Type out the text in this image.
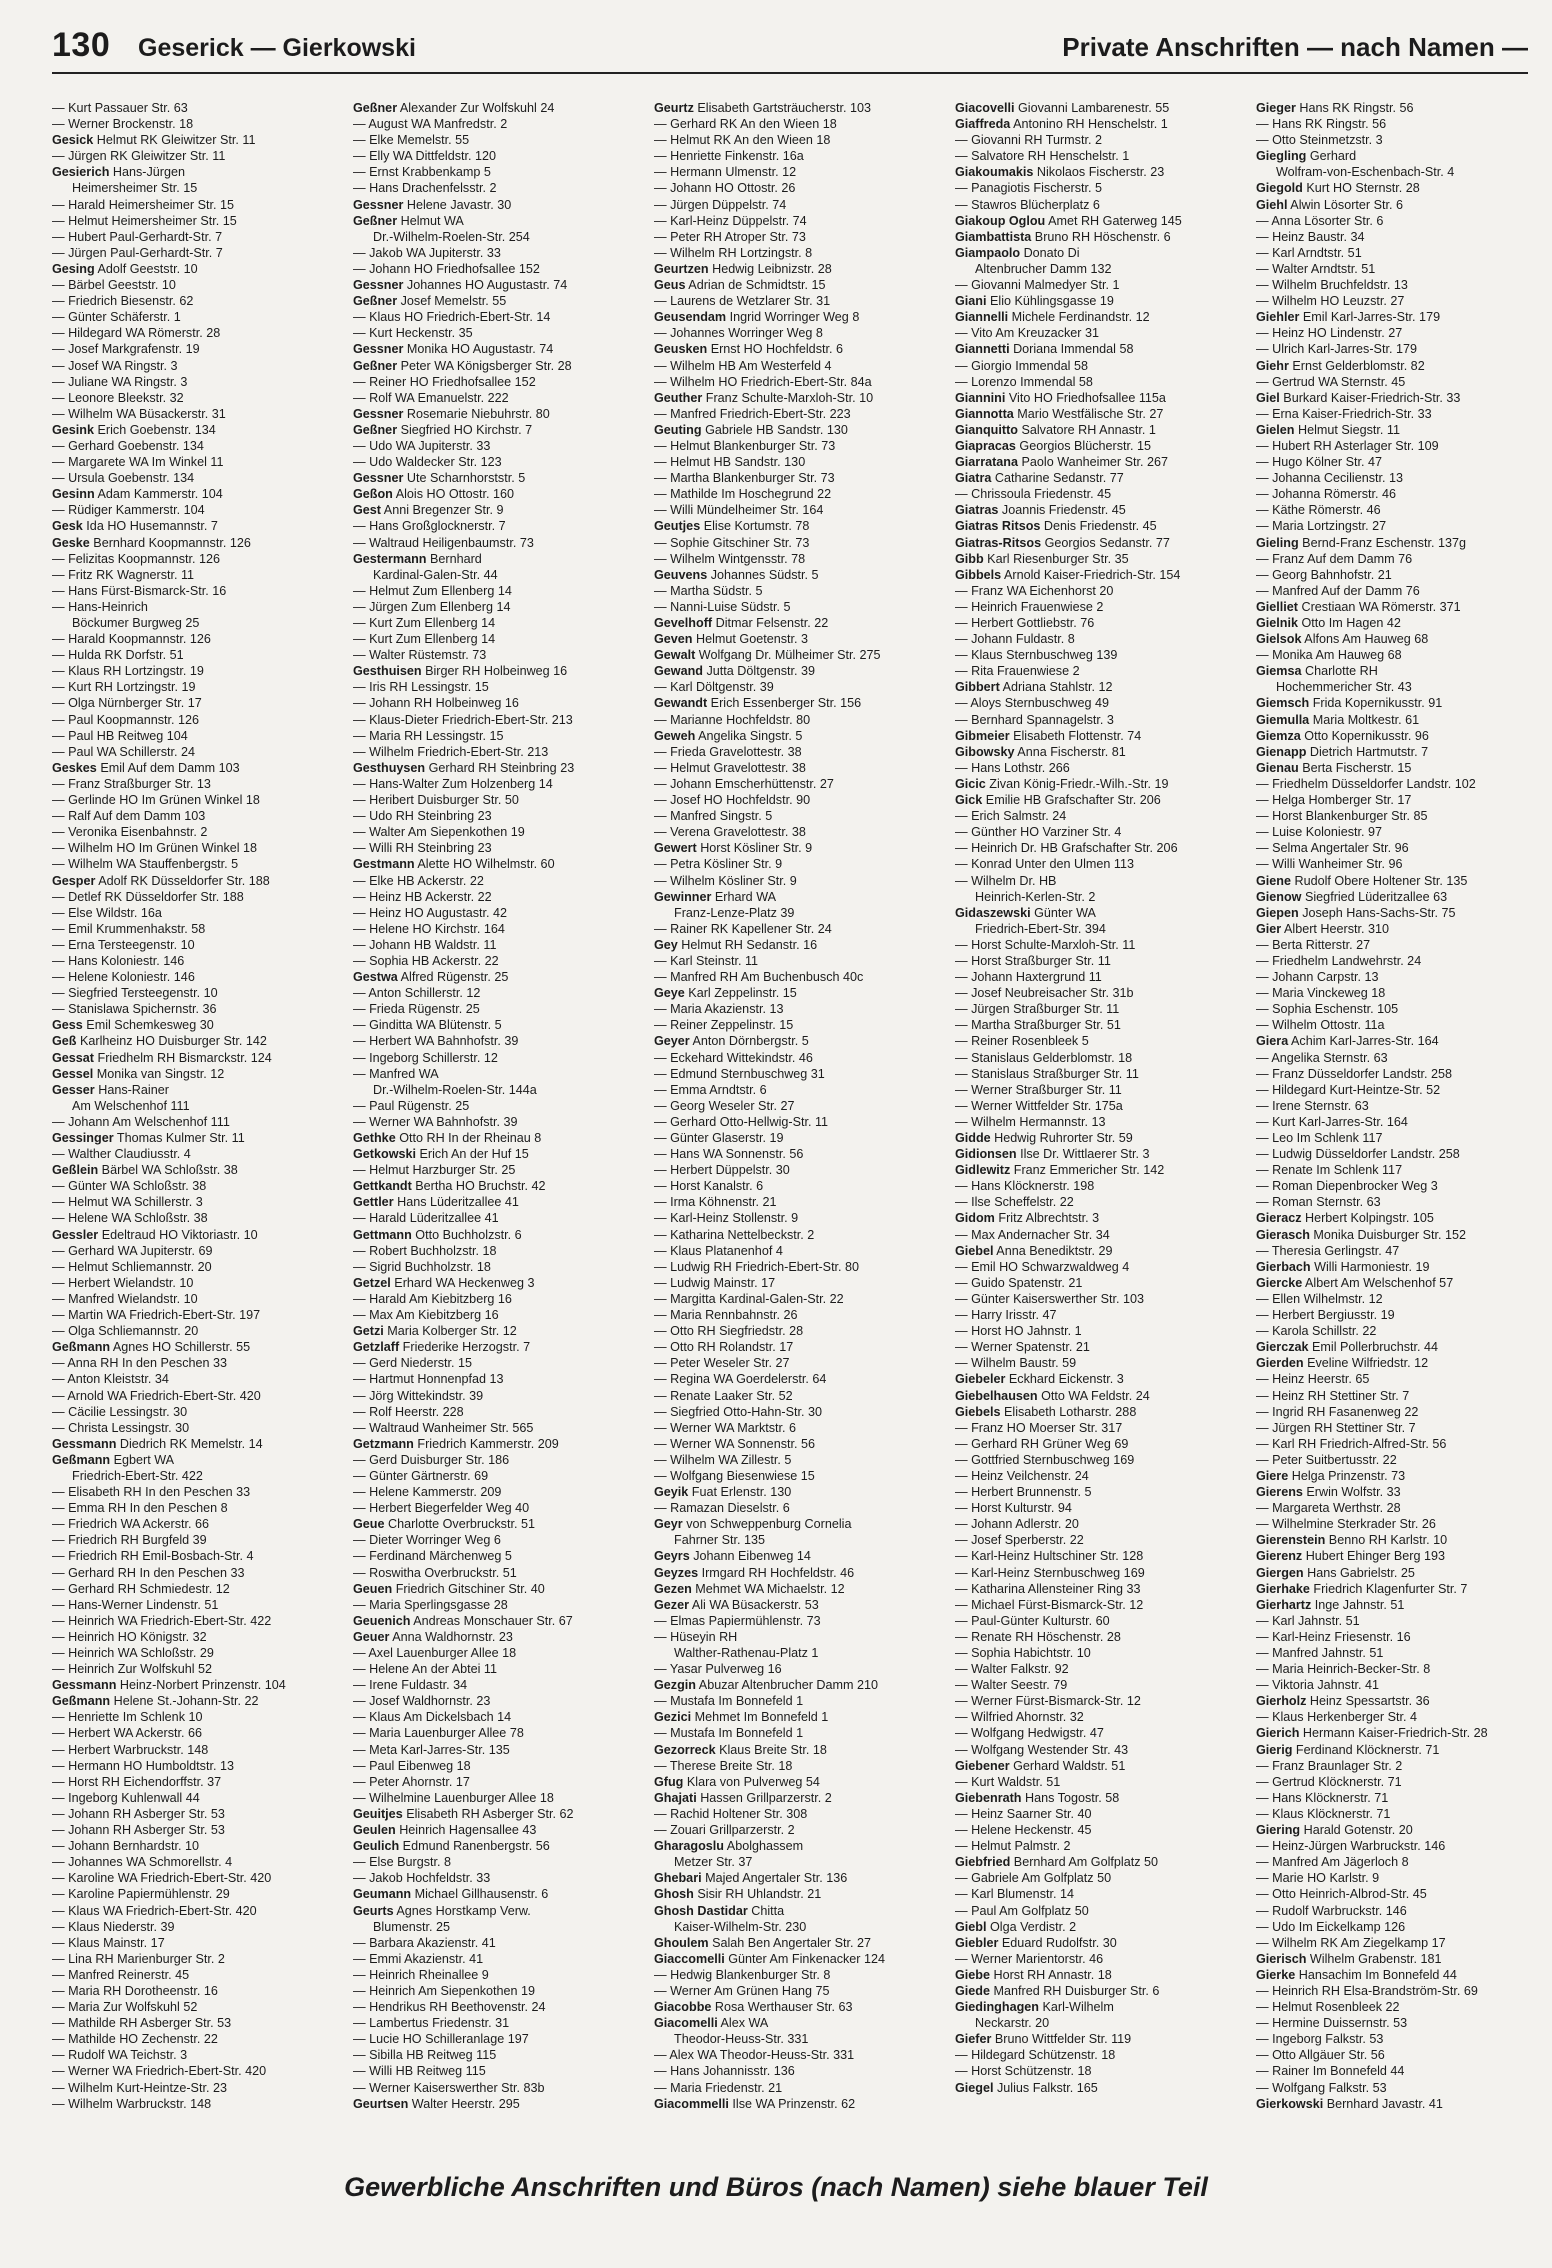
130 Geserick — Gierkowski	Private Anschriften — nach Namen —
— Kurt Passauer Str. 63
— Werner Brockenstr. 18
Gesick Helmut RK Gleiwitzer Str. 11
— Jürgen RK Gleiwitzer Str. 11
Gesierich Hans-Jürgen
Heimersheimer Str. 15
— Harald Heimersheimer Str. 15
— Helmut Heimersheimer Str. 15
— Hubert Paul-Gerhardt-Str. 7
— Jürgen Paul-Gerhardt-Str. 7
Gesing Adolf Geeststr. 10
— Bärbel Geeststr. 10
— Friedrich Biesenstr. 62
— Günter Schäferstr. 1
— Hildegard WA Römerstr. 28
— Josef Markgrafenstr. 19
— Josef WA Ringstr. 3
— Juliane WA Ringstr. 3
— Leonore Bleekstr. 32
— Wilhelm WA Büsackerstr. 31
Gesink Erich Goebenstr. 134
— Gerhard Goebenstr. 134
— Margarete WA Im Winkel 11
— Ursula Goebenstr. 134
Gesinn Adam Kammerstr. 104
— Rüdiger Kammerstr. 104
Gesk Ida HO Husemannstr. 7
Geske Bernhard Koopmannstr. 126
— Felizitas Koopmannstr. 126
— Fritz RK Wagnerstr. 11
— Hans Fürst-Bismarck-Str. 16
— Hans-Heinrich
Böckumer Burgweg 25
— Harald Koopmannstr. 126
— Hulda RK Dorfstr. 51
— Klaus RH Lortzingstr. 19
— Kurt RH Lortzingstr. 19
— Olga Nürnberger Str. 17
— Paul Koopmannstr. 126
— Paul HB Reitweg 104
— Paul WA Schillerstr. 24
Geskes Emil Auf dem Damm 103
— Franz Straßburger Str. 13
— Gerlinde HO Im Grünen Winkel 18
— Ralf Auf dem Damm 103
— Veronika Eisenbahnstr. 2
— Wilhelm HO Im Grünen Winkel 18
— Wilhelm WA Stauffenbergstr. 5
Gesper Adolf RK Düsseldorfer Str. 188
— Detlef RK Düsseldorfer Str. 188
— Else Wildstr. 16a
— Emil Krummenhakstr. 58
— Erna Tersteegenstr. 10
— Hans Koloniestr. 146
— Helene Koloniestr. 146
— Siegfried Tersteegenstr. 10
— Stanislawa Spichernstr. 36
Gess Emil Schemkesweg 30
Geß Karlheinz HO Duisburger Str. 142
Gessat Friedhelm RH Bismarckstr. 124
Gessel Monika van Singstr. 12
Gesser Hans-Rainer
Am Welschenhof 111
— Johann Am Welschenhof 111
Gessinger Thomas Kulmer Str. 11
— Walther Claudiusstr. 4
Geßlein Bärbel WA Schloßstr. 38
— Günter WA Schloßstr. 38
— Helmut WA Schillerstr. 3
— Helene WA Schloßstr. 38
Gessler Edeltraud HO Viktoriastr. 10
— Gerhard WA Jupiterstr. 69
— Helmut Schliemannstr. 20
— Herbert Wielandstr. 10
— Manfred Wielandstr. 10
— Martin WA Friedrich-Ebert-Str. 197
— Olga Schliemannstr. 20
Geßmann Agnes HO Schillerstr. 55
— Anna RH In den Peschen 33
— Anton Kleiststr. 34
— Arnold WA Friedrich-Ebert-Str. 420
— Cäcilie Lessingstr. 30
— Christa Lessingstr. 30
Gessmann Diedrich RK Memelstr. 14
Geßmann Egbert WA
Friedrich-Ebert-Str. 422
— Elisabeth RH In den Peschen 33
— Emma RH In den Peschen 8
— Friedrich WA Ackerstr. 66
— Friedrich RH Burgfeld 39
— Friedrich RH Emil-Bosbach-Str. 4
— Gerhard RH In den Peschen 33
— Gerhard RH Schmiedestr. 12
— Hans-Werner Lindenstr. 51
— Heinrich WA Friedrich-Ebert-Str. 422
— Heinrich HO Königstr. 32
— Heinrich WA Schloßstr. 29
— Heinrich Zur Wolfskuhl 52
Gessmann Heinz-Norbert Prinzenstr. 104
Geßmann Helene St.-Johann-Str. 22
— Henriette Im Schlenk 10
— Herbert WA Ackerstr. 66
— Herbert Warbruckstr. 148
— Hermann HO Humboldtstr. 13
— Horst RH Eichendorffstr. 37
— Ingeborg Kuhlenwall 44
— Johann RH Asberger Str. 53
— Johann RH Asberger Str. 53
— Johann Bernhardstr. 10
— Johannes WA Schmorellstr. 4
— Karoline WA Friedrich-Ebert-Str. 420
— Karoline Papiermühlenstr. 29
— Klaus WA Friedrich-Ebert-Str. 420
— Klaus Niederstr. 39
— Klaus Mainstr. 17
— Lina RH Marienburger Str. 2
— Manfred Reinerstr. 45
— Maria RH Dorotheenstr. 16
— Maria Zur Wolfskuhl 52
— Mathilde RH Asberger Str. 53
— Mathilde HO Zechenstr. 22
— Rudolf WA Teichstr. 3
— Werner WA Friedrich-Ebert-Str. 420
— Wilhelm Kurt-Heintze-Str. 23
— Wilhelm Warbruckstr. 148
Geßner Alexander Zur Wolfskuhl 24
— August WA Manfredstr. 2
— Elke Memelstr. 55
— Elly WA Dittfeldstr. 120
— Ernst Krabbenkamp 5
— Hans Drachenfelsstr. 2
Gessner Helene Javastr. 30
Geßner Helmut WA
Dr.-Wilhelm-Roelen-Str. 254
— Jakob WA Jupiterstr. 33
— Johann HO Friedhofsallee 152
Gessner Johannes HO Augustastr. 74
Geßner Josef Memelstr. 55
— Klaus HO Friedrich-Ebert-Str. 14
— Kurt Heckenstr. 35
Gessner Monika HO Augustastr. 74
Geßner Peter WA Königsberger Str. 28
— Reiner HO Friedhofsallee 152
— Rolf WA Emanuelstr. 222
Gessner Rosemarie Niebuhrstr. 80
Geßner Siegfried HO Kirchstr. 7
— Udo WA Jupiterstr. 33
— Udo Waldecker Str. 123
Gessner Ute Scharnhorststr. 5
Geßon Alois HO Ottostr. 160
Gest Anni Bregenzer Str. 9
— Hans Großglocknerstr. 7
— Waltraud Heiligenbaumstr. 73
Gestermann Bernhard
Kardinal-Galen-Str. 44
— Helmut Zum Ellenberg 14
— Jürgen Zum Ellenberg 14
— Kurt Zum Ellenberg 14
— Kurt Zum Ellenberg 14
— Walter Rüstemstr. 73
Gesthuisen Birger RH Holbeinweg 16
— Iris RH Lessingstr. 15
— Johann RH Holbeinweg 16
— Klaus-Dieter Friedrich-Ebert-Str. 213
— Maria RH Lessingstr. 15
— Wilhelm Friedrich-Ebert-Str. 213
Gesthuysen Gerhard RH Steinbring 23
— Hans-Walter Zum Holzenberg 14
— Heribert Duisburger Str. 50
— Udo RH Steinbring 23
— Walter Am Siepenkothen 19
— Willi RH Steinbring 23
Gestmann Alette HO Wilhelmstr. 60
— Elke HB Ackerstr. 22
— Heinz HB Ackerstr. 22
— Heinz HO Augustastr. 42
— Helene HO Kirchstr. 164
— Johann HB Waldstr. 11
— Sophia HB Ackerstr. 22
Gestwa Alfred Rügenstr. 25
— Anton Schillerstr. 12
— Frieda Rügenstr. 25
— Ginditta WA Blütenstr. 5
— Herbert WA Bahnhofstr. 39
— Ingeborg Schillerstr. 12
— Manfred WA
Dr.-Wilhelm-Roelen-Str. 144a
— Paul Rügenstr. 25
— Werner WA Bahnhofstr. 39
Gethke Otto RH In der Rheinau 8
Getkowski Erich An der Huf 15
— Helmut Harzburger Str. 25
Gettkandt Bertha HO Bruchstr. 42
Gettler Hans Lüderitzallee 41
— Harald Lüderitzallee 41
Gettmann Otto Buchholzstr. 6
— Robert Buchholzstr. 18
— Sigrid Buchholzstr. 18
Getzel Erhard WA Heckenweg 3
— Harald Am Kiebitzberg 16
— Max Am Kiebitzberg 16
Getzi Maria Kolberger Str. 12
Getzlaff Friederike Herzogstr. 7
— Gerd Niederstr. 15
— Hartmut Honnenpfad 13
— Jörg Wittekindstr. 39
— Rolf Heerstr. 228
— Waltraud Wanheimer Str. 565
Getzmann Friedrich Kammerstr. 209
— Gerd Duisburger Str. 186
— Günter Gärtnerstr. 69
— Helene Kammerstr. 209
— Herbert Biegerfelder Weg 40
Geue Charlotte Overbruckstr. 51
— Dieter Worringer Weg 6
— Ferdinand Märchenweg 5
— Roswitha Overbruckstr. 51
Geuen Friedrich Gitschiner Str. 40
— Maria Sperlingsgasse 28
Geuenich Andreas Monschauer Str. 67
Geuer Anna Waldhornstr. 23
— Axel Lauenburger Allee 18
— Helene An der Abtei 11
— Irene Fuldastr. 34
— Josef Waldhornstr. 23
— Klaus Am Dickelsbach 14
— Maria Lauenburger Allee 78
— Meta Karl-Jarres-Str. 135
— Paul Eibenweg 18
— Peter Ahornstr. 17
— Wilhelmine Lauenburger Allee 18
Geuitjes Elisabeth RH Asberger Str. 62
Geulen Heinrich Hagensallee 43
Geulich Edmund Ranenbergstr. 56
— Else Burgstr. 8
— Jakob Hochfeldstr. 33
Geumann Michael Gillhausenstr. 6
Geurts Agnes Horstkamp Verw.
Blumenstr. 25
— Barbara Akazienstr. 41
— Emmi Akazienstr. 41
— Heinrich Rheinallee 9
— Heinrich Am Siepenkothen 19
— Hendrikus RH Beethovenstr. 24
— Lambertus Friedenstr. 31
— Lucie HO Schilleranlage 197
— Sibilla HB Reitweg 115
— Willi HB Reitweg 115
— Werner Kaiserswerther Str. 83b
Geurtsen Walter Heerstr. 295
Geurtz Elisabeth Gartsträucherstr. 103
— Gerhard RK An den Wieen 18
— Helmut RK An den Wieen 18
— Henriette Finkenstr. 16a
— Hermann Ulmenstr. 12
— Johann HO Ottostr. 26
— Jürgen Düppelstr. 74
— Karl-Heinz Düppelstr. 74
— Peter RH Atroper Str. 73
— Wilhelm RH Lortzingstr. 8
Geurtzen Hedwig Leibnizstr. 28
Geus Adrian de Schmidtstr. 15
— Laurens de Wetzlarer Str. 31
Geusendam Ingrid Worringer Weg 8
— Johannes Worringer Weg 8
Geusken Ernst HO Hochfeldstr. 6
— Wilhelm HB Am Westerfeld 4
— Wilhelm HO Friedrich-Ebert-Str. 84a
Geuther Franz Schulte-Marxloh-Str. 10
— Manfred Friedrich-Ebert-Str. 223
Geuting Gabriele HB Sandstr. 130
— Helmut Blankenburger Str. 73
— Helmut HB Sandstr. 130
— Martha Blankenburger Str. 73
— Mathilde Im Hoschegrund 22
— Willi Mündelheimer Str. 164
Geutjes Elise Kortumstr. 78
— Sophie Gitschiner Str. 73
— Wilhelm Wintgensstr. 78
Geuvens Johannes Südstr. 5
— Martha Südstr. 5
— Nanni-Luise Südstr. 5
Gevelhoff Ditmar Felsenstr. 22
Geven Helmut Goetenstr. 3
Gewalt Wolfgang Dr. Mülheimer Str. 275
Gewand Jutta Döltgenstr. 39
— Karl Döltgenstr. 39
Gewandt Erich Essenberger Str. 156
— Marianne Hochfeldstr. 80
Geweh Angelika Singstr. 5
— Frieda Gravelottestr. 38
— Helmut Gravelottestr. 38
— Johann Emscherhüttenstr. 27
— Josef HO Hochfeldstr. 90
— Manfred Singstr. 5
— Verena Gravelottestr. 38
Gewert Horst Kösliner Str. 9
— Petra Kösliner Str. 9
— Wilhelm Kösliner Str. 9
Gewinner Erhard WA
Franz-Lenze-Platz 39
— Rainer RK Kapellener Str. 24
Gey Helmut RH Sedanstr. 16
— Karl Steinstr. 11
— Manfred RH Am Buchenbusch 40c
Geye Karl Zeppelinstr. 15
— Maria Akazienstr. 13
— Reiner Zeppelinstr. 15
Geyer Anton Dörnbergstr. 5
— Eckehard Wittekindstr. 46
— Edmund Sternbuschweg 31
— Emma Arndtstr. 6
— Georg Weseler Str. 27
— Gerhard Otto-Hellwig-Str. 11
— Günter Glaserstr. 19
— Hans WA Sonnenstr. 56
— Herbert Düppelstr. 30
— Horst Kanalstr. 6
— Irma Köhnenstr. 21
— Karl-Heinz Stollenstr. 9
— Katharina Nettelbeckstr. 2
— Klaus Platanenhof 4
— Ludwig RH Friedrich-Ebert-Str. 80
— Ludwig Mainstr. 17
— Margitta Kardinal-Galen-Str. 22
— Maria Rennbahnstr. 26
— Otto RH Siegfriedstr. 28
— Otto RH Rolandstr. 17
— Peter Weseler Str. 27
— Regina WA Goerdelerstr. 64
— Renate Laaker Str. 52
— Siegfried Otto-Hahn-Str. 30
— Werner WA Marktstr. 6
— Werner WA Sonnenstr. 56
— Wilhelm WA Zillestr. 5
— Wolfgang Biesenwiese 15
Geyik Fuat Erlenstr. 130
— Ramazan Dieselstr. 6
Geyr von Schweppenburg Cornelia
Fahrner Str. 135
Geyrs Johann Eibenweg 14
Geyzes Irmgard RH Hochfeldstr. 46
Gezen Mehmet WA Michaelstr. 12
Gezer Ali WA Büsackerstr. 53
— Elmas Papiermühlenstr. 73
— Hüseyin RH
Walther-Rathenau-Platz 1
— Yasar Pulverweg 16
Gezgin Abuzar Altenbrucher Damm 210
— Mustafa Im Bonnefeld 1
Gezici Mehmet Im Bonnefeld 1
— Mustafa Im Bonnefeld 1
Gezorreck Klaus Breite Str. 18
— Therese Breite Str. 18
Gfug Klara von Pulverweg 54
Ghajati Hassen Grillparzerstr. 2
— Rachid Holtener Str. 308
— Zouari Grillparzerstr. 2
Gharagoslu Abolghassem
Metzer Str. 37
Ghebari Majed Angertaler Str. 136
Ghosh Sisir RH Uhlandstr. 21
Ghosh Dastidar Chitta
Kaiser-Wilhelm-Str. 230
Ghoulem Salah Ben Angertaler Str. 27
Giaccomelli Günter Am Finkenacker 124
— Hedwig Blankenburger Str. 8
— Werner Am Grünen Hang 75
Giacobbe Rosa Werthauser Str. 63
Giacomelli Alex WA
Theodor-Heuss-Str. 331
— Alex WA Theodor-Heuss-Str. 331
— Hans Johannisstr. 136
— Maria Friedenstr. 21
Giacommelli Ilse WA Prinzenstr. 62
Giacovelli Giovanni Lambarenestr. 55
Giaffreda Antonino RH Henschelstr. 1
— Giovanni RH Turmstr. 2
— Salvatore RH Henschelstr. 1
Giakoumakis Nikolaos Fischerstr. 23
— Panagiotis Fischerstr. 5
— Stawros Blücherplatz 6
Giakoup Oglou Amet RH Gaterweg 145
Giambattista Bruno RH Höschenstr. 6
Giampaolo Donato Di
Altenbrucher Damm 132
— Giovanni Malmedyer Str. 1
Giani Elio Kühlingsgasse 19
Giannelli Michele Ferdinandstr. 12
— Vito Am Kreuzacker 31
Giannetti Doriana Immendal 58
— Giorgio Immendal 58
— Lorenzo Immendal 58
Giannini Vito HO Friedhofsallee 115a
Giannotta Mario Westfälische Str. 27
Gianquitto Salvatore RH Annastr. 1
Giapracas Georgios Blücherstr. 15
Giarratana Paolo Wanheimer Str. 267
Giatra Catharine Sedanstr. 77
— Chrissoula Friedenstr. 45
Giatras Joannis Friedenstr. 45
Giatras Ritsos Denis Friedenstr. 45
Giatras-Ritsos Georgios Sedanstr. 77
Gibb Karl Riesenburger Str. 35
Gibbels Arnold Kaiser-Friedrich-Str. 154
— Franz WA Eichenhorst 20
— Heinrich Frauenwiese 2
— Herbert Gottliebstr. 76
— Johann Fuldastr. 8
— Klaus Sternbuschweg 139
— Rita Frauenwiese 2
Gibbert Adriana Stahlstr. 12
— Aloys Sternbuschweg 49
— Bernhard Spannagelstr. 3
Gibmeier Elisabeth Flottenstr. 74
Gibowsky Anna Fischerstr. 81
— Hans Lothstr. 266
Gicic Zivan König-Friedr.-Wilh.-Str. 19
Gick Emilie HB Grafschafter Str. 206
— Erich Salmstr. 24
— Günther HO Varziner Str. 4
— Heinrich Dr. HB Grafschafter Str. 206
— Konrad Unter den Ulmen 113
— Wilhelm Dr. HB
Heinrich-Kerlen-Str. 2
Gidaszewski Günter WA
Friedrich-Ebert-Str. 394
— Horst Schulte-Marxloh-Str. 11
— Horst Straßburger Str. 11
— Johann Haxtergrund 11
— Josef Neubreisacher Str. 31b
— Jürgen Straßburger Str. 11
— Martha Straßburger Str. 51
— Reiner Rosenbleek 5
— Stanislaus Gelderblomstr. 18
— Stanislaus Straßburger Str. 11
— Werner Straßburger Str. 11
— Werner Wittfelder Str. 175a
— Wilhelm Hermannstr. 13
Gidde Hedwig Ruhrorter Str. 59
Gidionsen Ilse Dr. Wittlaerer Str. 3
Gidlewitz Franz Emmericher Str. 142
— Hans Klöcknerstr. 198
— Ilse Scheffelstr. 22
Gidom Fritz Albrechtstr. 3
— Max Andernacher Str. 34
Giebel Anna Benediktstr. 29
— Emil HO Schwarzwaldweg 4
— Guido Spatenstr. 21
— Günter Kaiserswerther Str. 103
— Harry Irisstr. 47
— Horst HO Jahnstr. 1
— Werner Spatenstr. 21
— Wilhelm Baustr. 59
Giebeler Eckhard Eickenstr. 3
Giebelhausen Otto WA Feldstr. 24
Giebels Elisabeth Lotharstr. 288
— Franz HO Moerser Str. 317
— Gerhard RH Grüner Weg 69
— Gottfried Sternbuschweg 169
— Heinz Veilchenstr. 24
— Herbert Brunnenstr. 5
— Horst Kulturstr. 94
— Johann Adlerstr. 20
— Josef Sperberstr. 22
— Karl-Heinz Hultschiner Str. 128
— Karl-Heinz Sternbuschweg 169
— Katharina Allensteiner Ring 33
— Michael Fürst-Bismarck-Str. 12
— Paul-Günter Kulturstr. 60
— Renate RH Höschenstr. 28
— Sophia Habichtstr. 10
— Walter Falkstr. 92
— Walter Seestr. 79
— Werner Fürst-Bismarck-Str. 12
— Wilfried Ahornstr. 32
— Wolfgang Hedwigstr. 47
— Wolfgang Westender Str. 43
Giebener Gerhard Waldstr. 51
— Kurt Waldstr. 51
Giebenrath Hans Togostr. 58
— Heinz Saarner Str. 40
— Helene Heckenstr. 45
— Helmut Palmstr. 2
Giebfried Bernhard Am Golfplatz 50
— Gabriele Am Golfplatz 50
— Karl Blumenstr. 14
— Paul Am Golfplatz 50
Giebl Olga Verdistr. 2
Giebler Eduard Rudolfstr. 30
— Werner Marientorstr. 46
Giebe Horst RH Annastr. 18
Giede Manfred RH Duisburger Str. 6
Giedinghagen Karl-Wilhelm
Neckarstr. 20
Giefer Bruno Wittfelder Str. 119
— Hildegard Schützenstr. 18
— Horst Schützenstr. 18
Giegel Julius Falkstr. 165
Gieger Hans RK Ringstr. 56
— Hans RK Ringstr. 56
— Otto Steinmetzstr. 3
Giegling Gerhard
Wolfram-von-Eschenbach-Str. 4
Giegold Kurt HO Sternstr. 28
Giehl Alwin Lösorter Str. 6
— Anna Lösorter Str. 6
— Heinz Baustr. 34
— Karl Arndtstr. 51
— Walter Arndtstr. 51
— Wilhelm Bruchfeldstr. 13
— Wilhelm HO Leuzstr. 27
Giehler Emil Karl-Jarres-Str. 179
— Heinz HO Lindenstr. 27
— Ulrich Karl-Jarres-Str. 179
Giehr Ernst Gelderblomstr. 82
— Gertrud WA Sternstr. 45
Giel Burkard Kaiser-Friedrich-Str. 33
— Erna Kaiser-Friedrich-Str. 33
Gielen Helmut Siegstr. 11
— Hubert RH Asterlager Str. 109
— Hugo Kölner Str. 47
— Johanna Cecilienstr. 13
— Johanna Römerstr. 46
— Käthe Römerstr. 46
— Maria Lortzingstr. 27
Gieling Bernd-Franz Eschenstr. 137g
— Franz Auf dem Damm 76
— Georg Bahnhofstr. 21
— Manfred Auf der Damm 76
Gielliet Crestiaan WA Römerstr. 371
Gielnik Otto Im Hagen 42
Gielsok Alfons Am Hauweg 68
— Monika Am Hauweg 68
Giemsa Charlotte RH
Hochemmericher Str. 43
Giemsch Frida Kopernikusstr. 91
Giemulla Maria Moltkestr. 61
Giemza Otto Kopernikusstr. 96
Gienapp Dietrich Hartmutstr. 7
Gienau Berta Fischerstr. 15
— Friedhelm Düsseldorfer Landstr. 102
— Helga Homberger Str. 17
— Horst Blankenburger Str. 85
— Luise Koloniestr. 97
— Selma Angertaler Str. 96
— Willi Wanheimer Str. 96
Giene Rudolf Obere Holtener Str. 135
Gienow Siegfried Lüderitzallee 63
Giepen Joseph Hans-Sachs-Str. 75
Gier Albert Heerstr. 310
— Berta Ritterstr. 27
— Friedhelm Landwehrstr. 24
— Johann Carpstr. 13
— Maria Vinckeweg 18
— Sophia Eschenstr. 105
— Wilhelm Ottostr. 11a
Giera Achim Karl-Jarres-Str. 164
— Angelika Sternstr. 63
— Franz Düsseldorfer Landstr. 258
— Hildegard Kurt-Heintze-Str. 52
— Irene Sternstr. 63
— Kurt Karl-Jarres-Str. 164
— Leo Im Schlenk 117
— Ludwig Düsseldorfer Landstr. 258
— Renate Im Schlenk 117
— Roman Diepenbrocker Weg 3
— Roman Sternstr. 63
Gieracz Herbert Kolpingstr. 105
Gierasch Monika Duisburger Str. 152
— Theresia Gerlingstr. 47
Gierbach Willi Harmoniestr. 19
Giercke Albert Am Welschenhof 57
— Ellen Wilhelmstr. 12
— Herbert Bergiusstr. 19
— Karola Schillstr. 22
Gierczak Emil Pollerbruchstr. 44
Gierden Eveline Wilfriedstr. 12
— Heinz Heerstr. 65
— Heinz RH Stettiner Str. 7
— Ingrid RH Fasanenweg 22
— Jürgen RH Stettiner Str. 7
— Karl RH Friedrich-Alfred-Str. 56
— Peter Suitbertusstr. 22
Giere Helga Prinzenstr. 73
Gierens Erwin Wolfstr. 33
— Margareta Werthstr. 28
— Wilhelmine Sterkrader Str. 26
Gierenstein Benno RH Karlstr. 10
Gierenz Hubert Ehinger Berg 193
Giergen Hans Gabrielstr. 25
Gierhake Friedrich Klagenfurter Str. 7
Gierhartz Inge Jahnstr. 51
— Karl Jahnstr. 51
— Karl-Heinz Friesenstr. 16
— Manfred Jahnstr. 51
— Maria Heinrich-Becker-Str. 8
— Viktoria Jahnstr. 41
Gierholz Heinz Spessartstr. 36
— Klaus Herkenberger Str. 4
Gierich Hermann Kaiser-Friedrich-Str. 28
Gierig Ferdinand Klöcknerstr. 71
— Franz Braunlager Str. 2
— Gertrud Klöcknerstr. 71
— Hans Klöcknerstr. 71
— Klaus Klöcknerstr. 71
Giering Harald Gotenstr. 20
— Heinz-Jürgen Warbruckstr. 146
— Manfred Am Jägerloch 8
— Marie HO Karlstr. 9
— Otto Heinrich-Albrod-Str. 45
— Rudolf Warbruckstr. 146
— Udo Im Eickelkamp 126
— Wilhelm RK Am Ziegelkamp 17
Gierisch Wilhelm Grabenstr. 181
Gierke Hansachim Im Bonnefeld 44
— Heinrich RH Elsa-Brandström-Str. 69
— Helmut Rosenbleek 22
— Hermine Duissernstr. 53
— Ingeborg Falkstr. 53
— Otto Allgäuer Str. 56
— Rainer Im Bonnefeld 44
— Wolfgang Falkstr. 53
Gierkowski Bernhard Javastr. 41
Gewerbliche Anschriften und Büros (nach Namen) siehe blauer Teil
